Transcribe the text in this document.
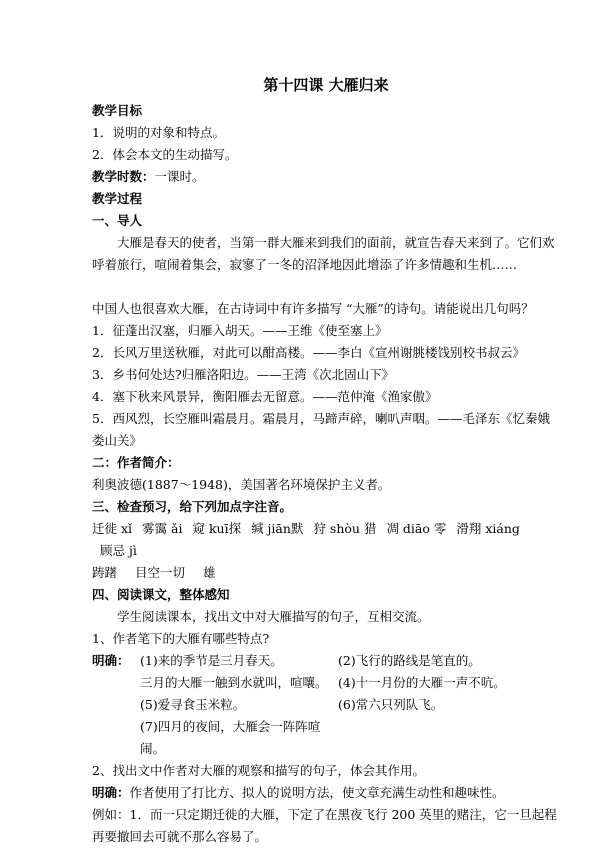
第十四课 大雁归来
教学目标
1．说明的对象和特点。
2．体会本文的生动描写。
教学时数：一课时。
教学过程
一、导人
大雁是春天的使者，当第一群大雁来到我们的面前，就宣告春天来到了。它们欢呼着旅行，喧闹着集会，寂寥了一冬的沼泽地因此增添了许多情趣和生机……
中国人也很喜欢大雁，在古诗词中有许多描写 “大雁”的诗句。请能说出几句吗？
1．征蓬出汉塞，归雁入胡天。——王维《使至塞上》
2．长风万里送秋雁，对此可以酣高楼。——李白《宣州谢朓楼饯别校书叔云》
3．乡书何处达?归雁洛阳边。——王湾《次北固山下》
4．塞下秋来风景异，衡阳雁去无留意。——范仲淹《渔家傲》
5．西风烈，长空雁叫霜晨月。霜晨月，马蹄声碎，喇叭声咽。——毛泽东《忆秦娥娄山关》
二：作者简介：
利奥波德(1887～1948)，美国著名环境保护主义者。
三、检查预习，给下列加点字注音。
迁徙 xǐ 雾霭 ǎi 窥 kuī探 缄 jiān默 狩 shòu 猎 凋 diāo 零 滑翔 xiáng
顾忌 jì
踌躇 目空一切 雄
四、阅读课文，整体感知
学生阅读课本，找出文中对大雁描写的句子，互相交流。
1、作者笔下的大雁有哪些特点?
明确： (1)来的季节是三月春天。	(2)飞行的路线是笔直的。
三月的大雁一触到水就叫，喧嚷。 (4)十一月份的大雁一声不吭。
(5)爱寻食玉米粒。	(6)常六只列队飞。
(7)四月的夜间，大雁会一阵阵喧闹。
2、找出文中作者对大雁的观察和描写的句子，体会其作用。
明确：作者使用了打比方、拟人的说明方法，使文章充满生动性和趣味性。
例如：1．而一只定期迁徙的大雁，下定了在黑夜飞行 200 英里的赌注，它一旦起程再要撤回去可就不那么容易了。
